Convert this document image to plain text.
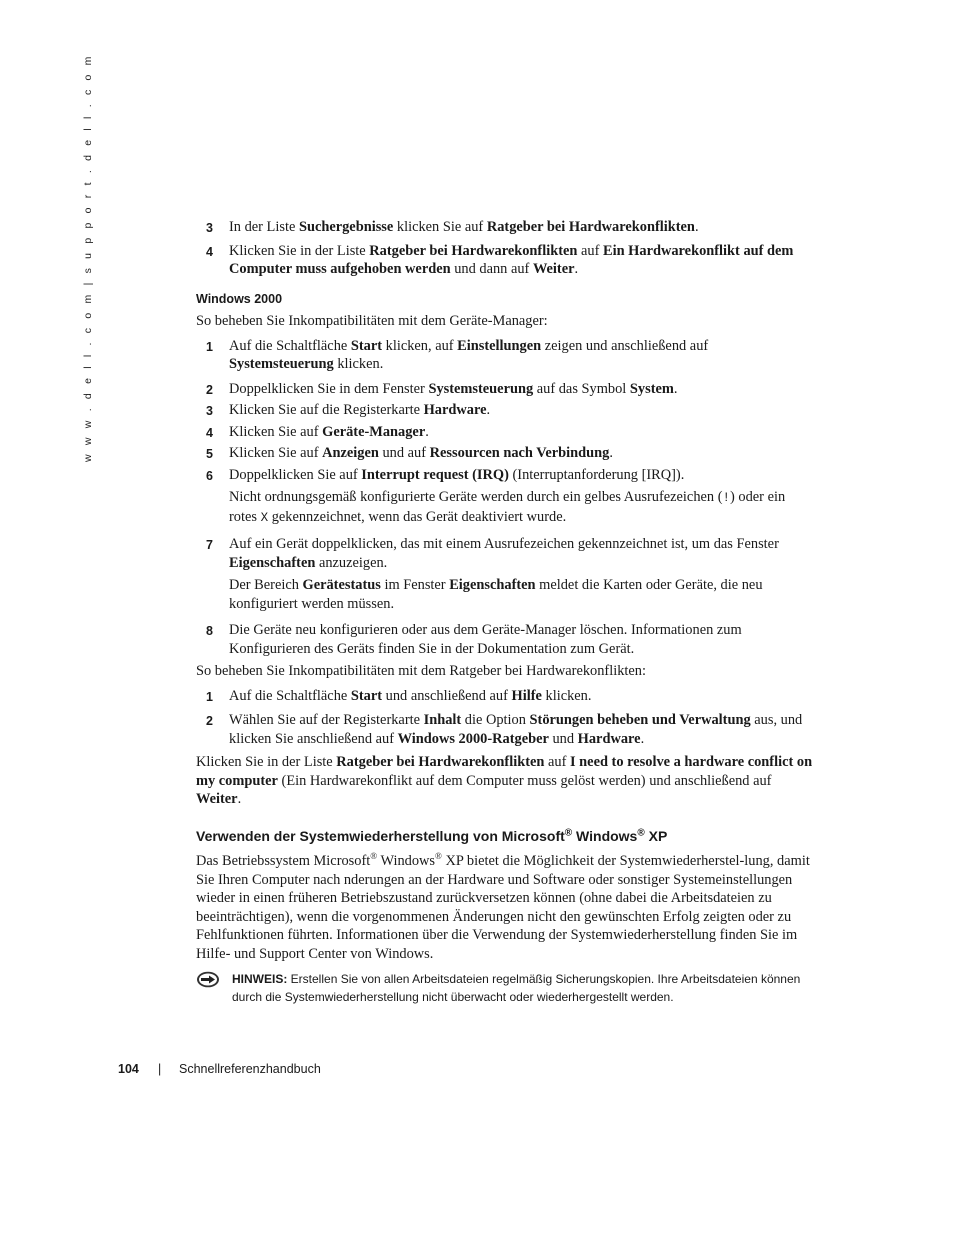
w w w . d e l l . c o m | s u p p o r t . d e l l . c o m	3 In der Liste Suchergebnisse klicken Sie auf Ratgeber bei Hardwarekonflikten.

4 Klicken Sie in der Liste Ratgeber bei Hardwarekonflikten auf Ein Hardwarekonflikt auf dem Computer muss aufgehoben werden und dann auf Weiter.

Windows 2000

So beheben Sie Inkompatibilitäten mit dem Geräte-Manager:

1 Auf die Schaltfläche Start klicken, auf Einstellungen zeigen und anschließend auf Systemsteuerung klicken.

2 Doppelklicken Sie in dem Fenster Systemsteuerung auf das Symbol System.

3 Klicken Sie auf die Registerkarte Hardware.

4 Klicken Sie auf Geräte-Manager.

5 Klicken Sie auf Anzeigen und auf Ressourcen nach Verbindung.

6 Doppelklicken Sie auf Interrupt request (IRQ) (Interruptanforderung [IRQ]).

Nicht ordnungsgemäß konfigurierte Geräte werden durch ein gelbes Ausrufezeichen (!) oder ein rotes X gekennzeichnet, wenn das Gerät deaktiviert wurde.

7 Auf ein Gerät doppelklicken, das mit einem Ausrufezeichen gekennzeichnet ist, um das Fenster Eigenschaften anzuzeigen.

Der Bereich Gerätestatus im Fenster Eigenschaften meldet die Karten oder Geräte, die neu konfiguriert werden müssen.

8 Die Geräte neu konfigurieren oder aus dem Geräte-Manager löschen. Informationen zum Konfigurieren des Geräts finden Sie in der Dokumentation zum Gerät.

So beheben Sie Inkompatibilitäten mit dem Ratgeber bei Hardwarekonflikten:

1 Auf die Schaltfläche Start und anschließend auf Hilfe klicken.

2 Wählen Sie auf der Registerkarte Inhalt die Option Störungen beheben und Verwaltung aus, und klicken Sie anschließend auf Windows 2000-Ratgeber und Hardware.

Klicken Sie in der Liste Ratgeber bei Hardwarekonflikten auf I need to resolve a hardware conflict on my computer (Ein Hardwarekonflikt auf dem Computer muss gelöst werden) und anschließend auf Weiter.

Verwenden der Systemwiederherstellung von Microsoft® Windows® XP

Das Betriebssystem Microsoft® Windows® XP bietet die Möglichkeit der Systemwiederherstel-lung, damit Sie Ihren Computer nach nderungen an der Hardware und Software oder sonstiger Systemeinstellungen wieder in einen früheren Betriebszustand zurückversetzen können (ohne dabei die Arbeitsdateien zu beeinträchtigen), wenn die vorgenommenen Änderungen nicht den gewünschten Erfolg zeigten oder zu Fehlfunktionen führten. Informationen über die Verwendung der Systemwiederherstellung finden Sie im Hilfe- und Support Center von Windows.

HINWEIS: Erstellen Sie von allen Arbeitsdateien regelmäßig Sicherungskopien. Ihre Arbeitsdateien können durch die Systemwiederherstellung nicht überwacht oder wiederhergestellt werden.
104 | Schnellreferenzhandbuch
